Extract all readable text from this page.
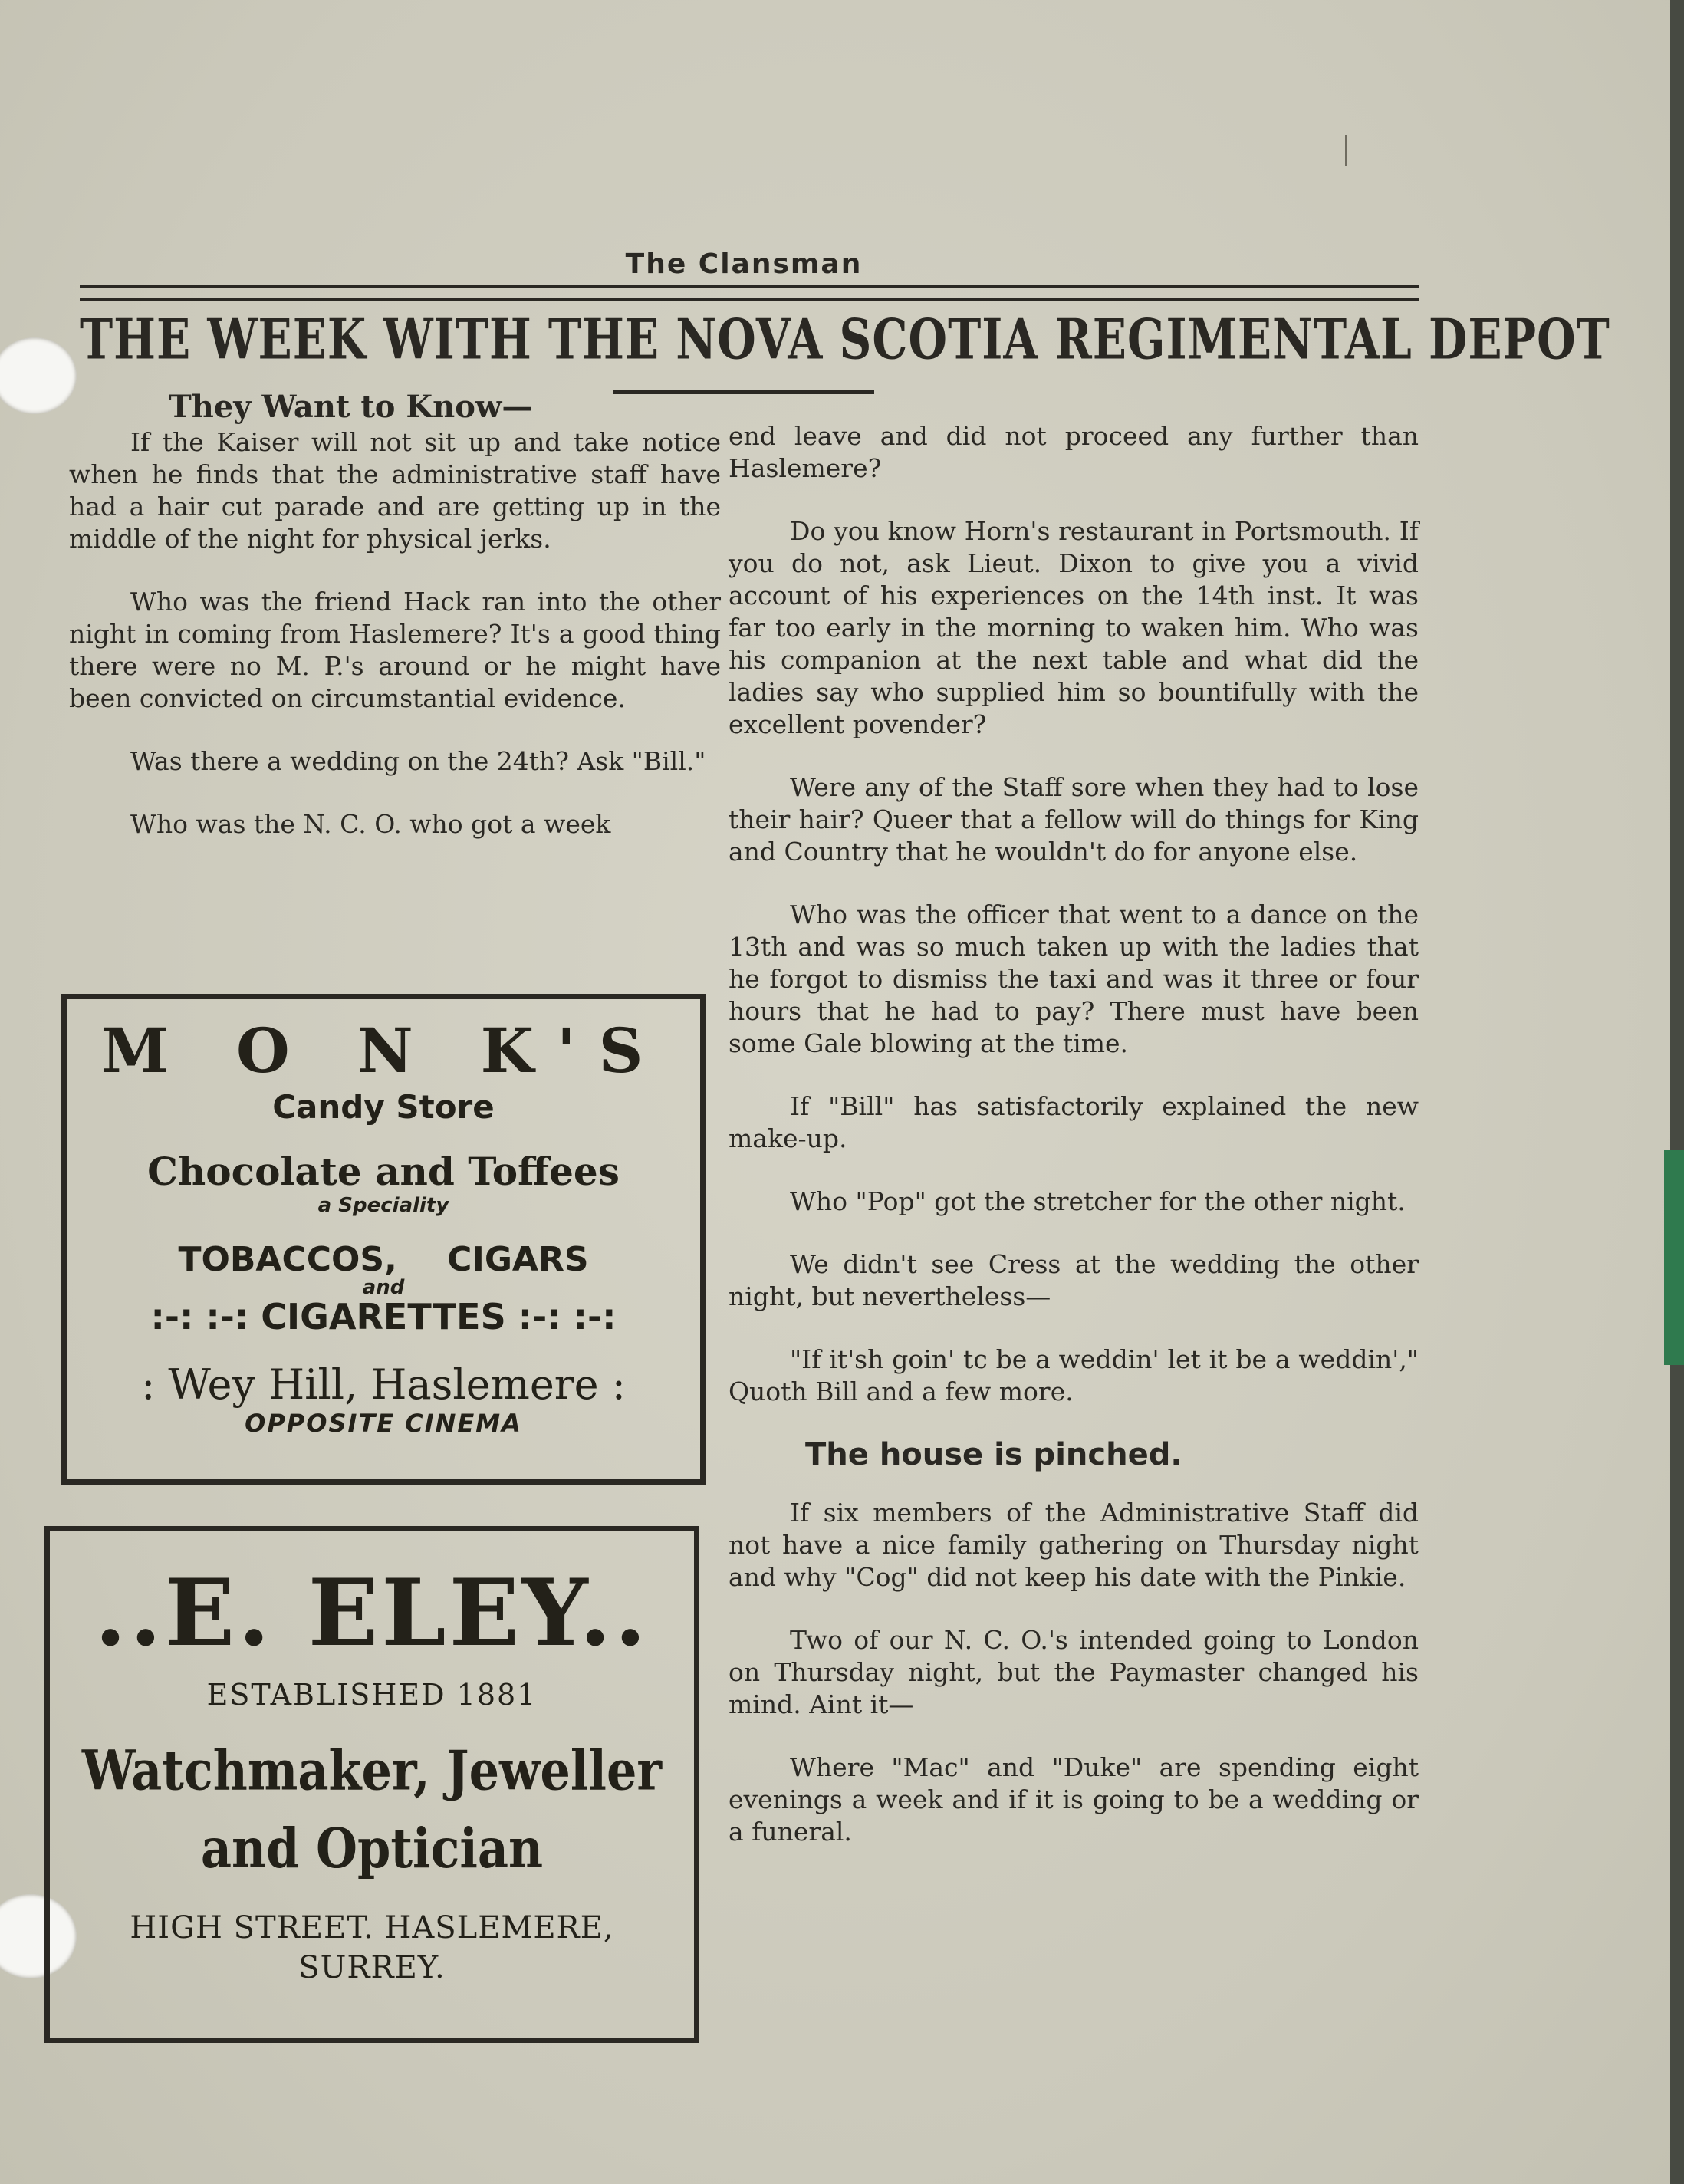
The Clansman
THE WEEK WITH THE NOVA SCOTIA REGIMENTAL DEPOT
They Want to Know—

If the Kaiser will not sit up and take notice when he finds that the administrative staff have had a hair cut parade and are getting up in the middle of the night for physical jerks.

Who was the friend Hack ran into the other night in coming from Haslemere? It's a good thing there were no M. P.'s around or he might have been convicted on circumstantial evidence.

Was there a wedding on the 24th? Ask "Bill."

Who was the N. C. O. who got a week

end leave and did not proceed any further than Haslemere?

Do you know Horn's restaurant in Portsmouth. If you do not, ask Lieut. Dixon to give you a vivid account of his experiences on the 14th inst. It was far too early in the morning to waken him. Who was his companion at the next table and what did the ladies say who supplied him so bountifully with the excellent povender?

Were any of the Staff sore when they had to lose their hair? Queer that a fellow will do things for King and Country that he wouldn't do for anyone else.

Who was the officer that went to a dance on the 13th and was so much taken up with the ladies that he forgot to dismiss the taxi and was it three or four hours that he had to pay? There must have been some Gale blowing at the time.

If "Bill" has satisfactorily explained the new make-up.

Who "Pop" got the stretcher for the other night.

We didn't see Cress at the wedding the other night, but nevertheless—

"If it'sh goin' tc be a weddin' let it be a weddin'," Quoth Bill and a few more.

The house is pinched.

If six members of the Administrative Staff did not have a nice family gathering on Thursday night and why "Cog" did not keep his date with the Pinkie.

Two of our N. C. O.'s intended going to London on Thursday night, but the Paymaster changed his mind. Aint it—

Where "Mac" and "Duke" are spending eight evenings a week and if it is going to be a wedding or a funeral.

M O N K'S
Candy Store
Chocolate and Toffees
a Speciality
TOBACCOS, CIGARS
and
:-: :-: CIGARETTES :-: :-:
: Wey Hill, Haslemere :
OPPOSITE CINEMA
..E. ELEY..
ESTABLISHED 1881
Watchmaker, Jeweller and Optician
HIGH STREET. HASLEMERE,
SURREY.
